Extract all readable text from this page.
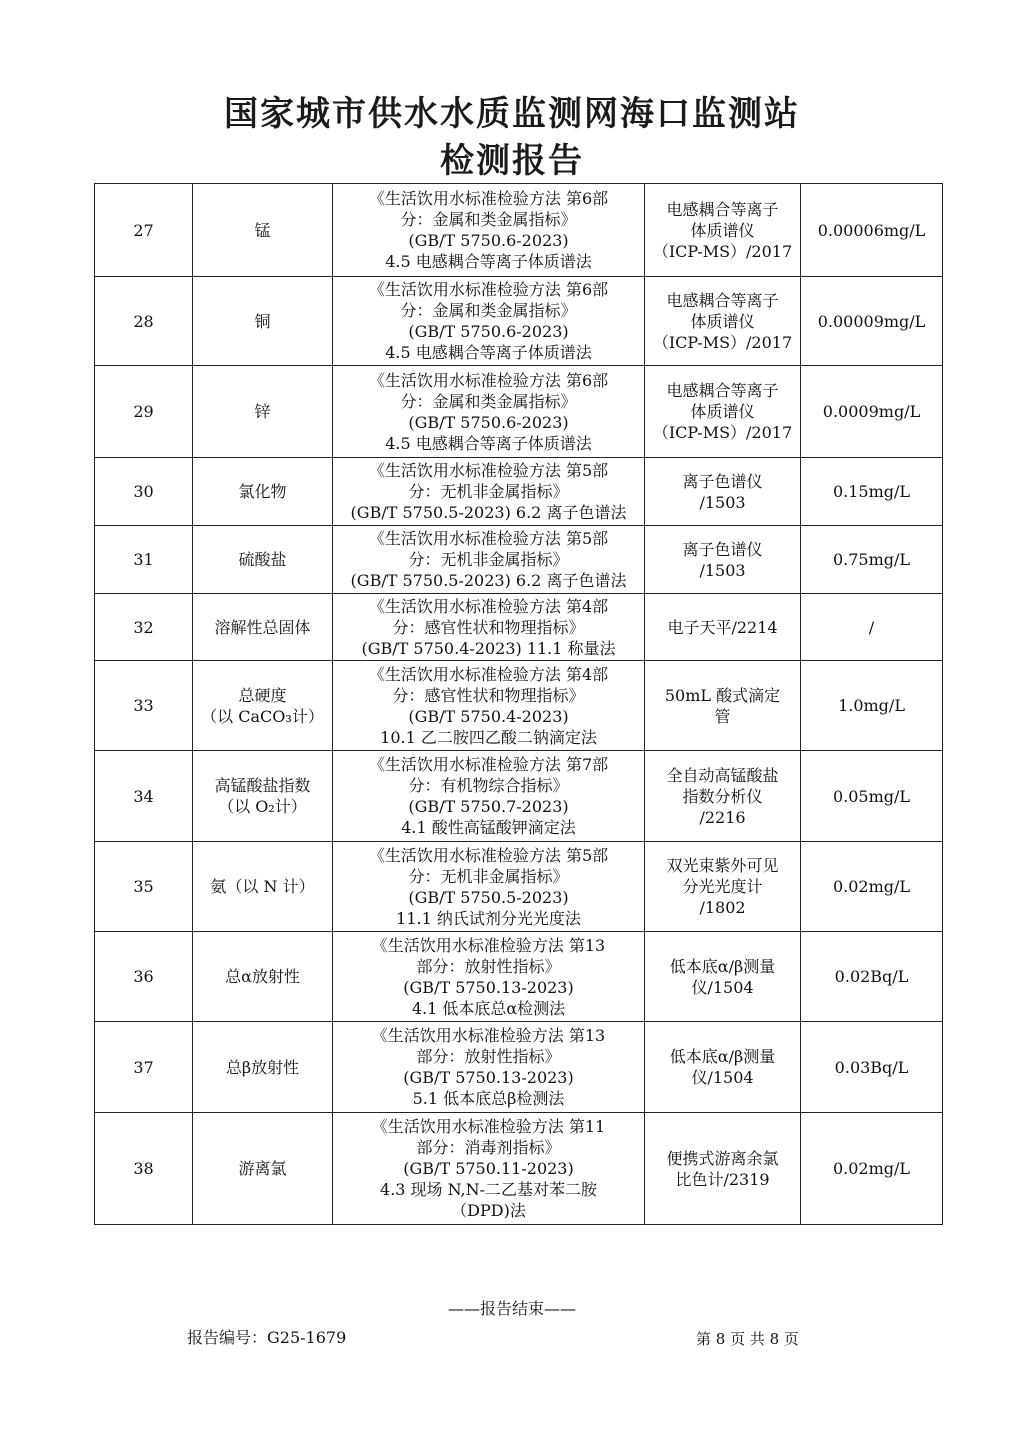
国家城市供水水质监测网海口监测站
检测报告
27	锰	《生活饮用水标准检验方法 第6部
分：金属和类金属指标》
(GB/T 5750.6-2023)
4.5 电感耦合等离子体质谱法	电感耦合等离子
体质谱仪
（ICP-MS）/2017	0.00006mg/L
28	铜	《生活饮用水标准检验方法 第6部
分：金属和类金属指标》
(GB/T 5750.6-2023)
4.5 电感耦合等离子体质谱法	电感耦合等离子
体质谱仪
（ICP-MS）/2017	0.00009mg/L
29	锌	《生活饮用水标准检验方法 第6部
分：金属和类金属指标》
(GB/T 5750.6-2023)
4.5 电感耦合等离子体质谱法	电感耦合等离子
体质谱仪
（ICP-MS）/2017	0.0009mg/L
30	氯化物	《生活饮用水标准检验方法 第5部
分：无机非金属指标》
(GB/T 5750.5-2023) 6.2 离子色谱法	离子色谱仪
/1503	0.15mg/L
31	硫酸盐	《生活饮用水标准检验方法 第5部
分：无机非金属指标》
(GB/T 5750.5-2023) 6.2 离子色谱法	离子色谱仪
/1503	0.75mg/L
32	溶解性总固体	《生活饮用水标准检验方法 第4部
分：感官性状和物理指标》
(GB/T 5750.4-2023) 11.1 称量法	电子天平/2214	/
33	总硬度
（以 CaCO₃计）	《生活饮用水标准检验方法 第4部
分：感官性状和物理指标》
(GB/T 5750.4-2023)
10.1 乙二胺四乙酸二钠滴定法	50mL 酸式滴定
管	1.0mg/L
34	高锰酸盐指数
（以 O₂计）	《生活饮用水标准检验方法 第7部
分：有机物综合指标》
(GB/T 5750.7-2023)
4.1 酸性高锰酸钾滴定法	全自动高锰酸盐
指数分析仪
/2216	0.05mg/L
35	氨（以 N 计）	《生活饮用水标准检验方法 第5部
分：无机非金属指标》
(GB/T 5750.5-2023)
11.1 纳氏试剂分光光度法	双光束紫外可见
分光光度计
/1802	0.02mg/L
36	总α放射性	《生活饮用水标准检验方法 第13
部分：放射性指标》
(GB/T 5750.13-2023)
4.1 低本底总α检测法	低本底α/β测量
仪/1504	0.02Bq/L
37	总β放射性	《生活饮用水标准检验方法 第13
部分：放射性指标》
(GB/T 5750.13-2023)
5.1 低本底总β检测法	低本底α/β测量
仪/1504	0.03Bq/L
38	游离氯	《生活饮用水标准检验方法 第11
部分：消毒剂指标》
(GB/T 5750.11-2023)
4.3 现场 N,N-二乙基对苯二胺
（DPD)法	便携式游离余氯
比色计/2319	0.02mg/L
——报告结束——
报告编号：G25-1679	第 8 页 共 8 页
